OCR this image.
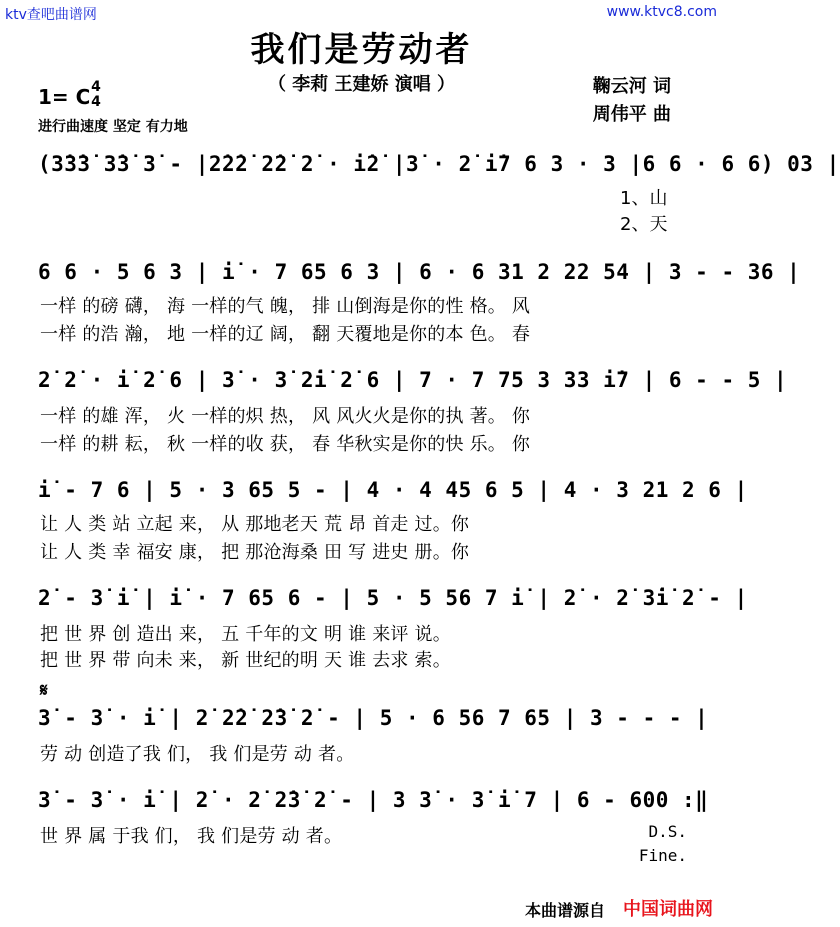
ktv查吧曲谱网	www.ktvc8.com
我们是劳动者
（ 李莉 王建娇 演唱 ）	鞠云河 词
周伟平 曲
1= C 4
4
进行曲速度 坚定 有力地
(3̇3̇3̇ 3̇3̇ 3̇ - |2̇2̇2̇ 2̇2̇ 2̇ · i̇2̇ |3̇ · 2̇ i̇7 6 3 · 3 |6 6 · 6 6) 03 |
1、山
2、天
6 6 · 5 6 3 | i̇ · 7 65 6 3 | 6 · 6 31 2 22 54 | 3 - - 36 |
一样 的磅 礴， 海 一样的气 魄， 排 山倒海是你的性 格。 风
一样 的浩 瀚， 地 一样的辽 阔， 翻 天覆地是你的本 色。 春
2̇ 2̇ · i̇ 2̇ 6 | 3̇ · 3̇ 2̇i̇ 2̇ 6 | 7 · 7 75 3 33 i̇7 | 6 - - 5 |
一样 的雄 浑， 火 一样的炽 热， 风 风火火是你的执 著。 你
一样 的耕 耘， 秋 一样的收 获， 春 华秋实是你的快 乐。 你
i̇ - 7 6 | 5 · 3 65 5 - | 4 · 4 45 6 5 | 4 · 3 21 2 6 |
让 人 类 站 立起 来， 从 那地老天 荒 昂 首走 过。你
让 人 类 幸 福安 康， 把 那沧海桑 田 写 进史 册。你
2̇ - 3̇ i̇ | i̇ · 7 65 6 - | 5 · 5 56 7 i̇ | 2̇ · 2̇ 3̇i̇ 2̇ - |
把 世 界 创 造出 来， 五 千年的文 明 谁 来评 说。
把 世 界 带 向未 来， 新 世纪的明 天 谁 去求 索。
𝄋
3̇ - 3̇ · i̇ | 2̇ 2̇2̇ 2̇3̇ 2̇ - | 5 · 6 56 7 65 | 3 - - - |
劳 动 创造了我 们， 我 们是劳 动 者。
3̇ - 3̇ · i̇ | 2̇ · 2̇ 2̇3̇ 2̇ - | 3 3̇ · 3̇ i̇ 7 | 6 - 600 :‖
世 界 属 于我 们， 我 们是劳 动 者。	D.S.
Fine.
本曲谱源自 中国词曲网
